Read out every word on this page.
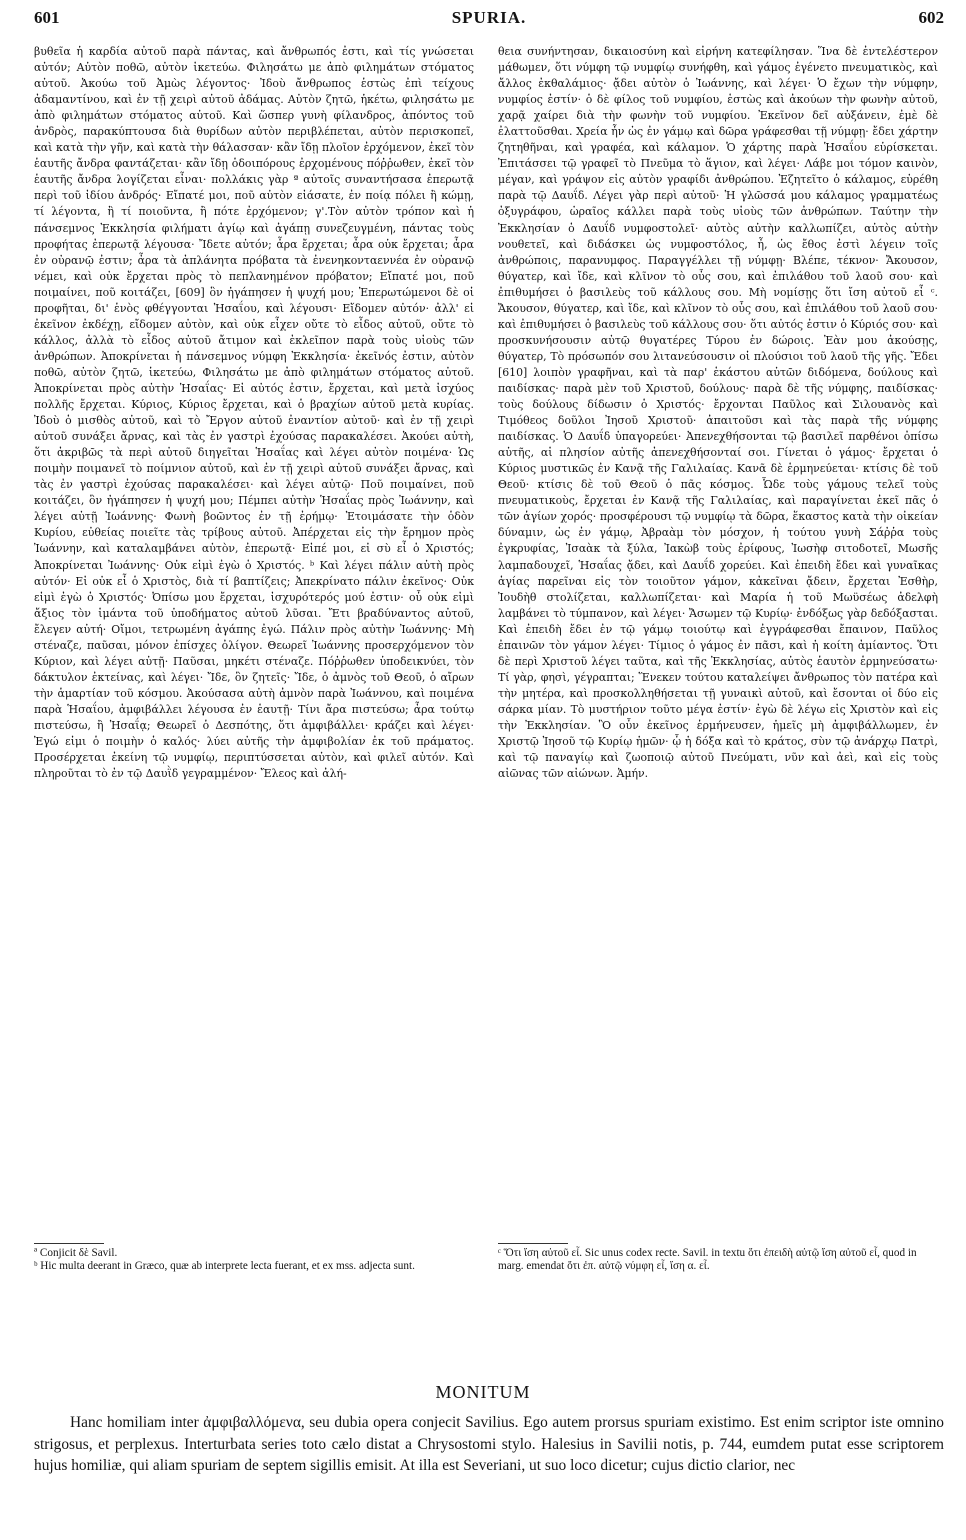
601	SPURIA.	602

βυθεῖα ἡ καρδία αὐτοῦ παρὰ πάντας, καὶ ἄνθρωπός ἐστι, καὶ τίς γνώσεται αὐτόν; Αὐτὸν ποθῶ, αὐτὸν ἱκετεύω. Φιλησάτω με ἀπὸ φιλημάτων στόματος αὐτοῦ. Ἀκούω τοῦ Ἀμὼς λέγοντος· Ἰδοὺ ἄνθρωπος ἑστὼς ἐπὶ τείχους ἀδαμαντίνου, καὶ ἐν τῇ χειρὶ αὐτοῦ ἀδάμας. Αὐτὸν ζητῶ, ἡκέτω, φιλησάτω με ἀπὸ φιλημάτων στόματος αὐτοῦ. Καὶ ὥσπερ γυνὴ φίλανδρος, ἀπόντος τοῦ ἀνδρὸς, παρακύπτουσα διὰ θυρίδων αὐτὸν περιβλέπεται, αὐτὸν περισκοπεῖ, καὶ κατὰ τὴν γῆν, καὶ κατὰ τὴν θάλασσαν· κἂν ἴδῃ πλοῖον ἐρχόμενον, ἐκεῖ τὸν ἑαυτῆς ἄνδρα φαντάζεται· κἂν ἴδῃ ὁδοιπόρους ἐρχομένους πόῤῥωθεν, ἐκεῖ τὸν ἑαυτῆς ἄνδρα λογίζεται εἶναι· πολλάκις γὰρ ª αὐτοῖς συναντήσασα ἐπερωτᾷ περὶ τοῦ ἰδίου ἀνδρός· Εἴπατέ μοι, ποῦ αὐτὸν εἰάσατε, ἐν ποίᾳ πόλει ἢ κώμῃ, τί λέγοντα, ἢ τί ποιοῦντα, ἢ πότε ἐρχόμενον; γ'.Τὸν αὐτὸν τρόπον καὶ ἡ πάνσεμνος Ἐκκλησία φιλήματι ἁγίῳ καὶ ἀγάπῃ συνεζευγμένη, πάντας τοὺς προφήτας ἐπερωτᾷ λέγουσα· Ἴδετε αὐτόν; ἆρα ἔρχεται; ἆρα οὐκ ἔρχεται; ἆρα ἐν οὐρανῷ ἐστιν; ἆρα τὰ ἀπλάνητα πρόβατα τὰ ἐνενηκονταεννέα ἐν οὐρανῷ νέμει, καὶ οὐκ ἔρχεται πρὸς τὸ πεπλανημένον πρόβατον; Εἴπατέ μοι, ποῦ ποιμαίνει, ποῦ κοιτάζει, [609] ὃν ἠγάπησεν ἡ ψυχή μου; Ἐπερωτώμενοι δὲ οἱ προφῆται, δι' ἑνὸς φθέγγονται Ἡσαΐου, καὶ λέγουσι· Εἴδομεν αὐτόν· ἀλλ' εἰ ἐκεῖνον ἐκδέχῃ, εἴδομεν αὐτὸν, καὶ οὐκ εἶχεν οὔτε τὸ εἶδος αὐτοῦ, οὔτε τὸ κάλλος, ἀλλὰ τὸ εἶδος αὐτοῦ ἄτιμον καὶ ἐκλεῖπον παρὰ τοὺς υἱοὺς τῶν ἀνθρώπων. Ἀποκρίνεται ἡ πάνσεμνος νύμφη Ἐκκλησία· ἐκεῖνός ἐστιν, αὐτὸν ποθῶ, αὐτὸν ζητῶ, ἱκετεύω, Φιλησάτω με ἀπὸ φιλημάτων στόματος αὐτοῦ. Ἀποκρίνεται πρὸς αὐτὴν Ἡσαΐας· Εἰ αὐτός ἐστιν, ἔρχεται, καὶ μετὰ ἰσχύος πολλῆς ἔρχεται. Κύριος, Κύριος ἔρχεται, καὶ ὁ βραχίων αὐτοῦ μετὰ κυρίας. Ἰδοὺ ὁ μισθὸς αὐτοῦ, καὶ τὸ Ἔργον αὐτοῦ ἐναντίον αὐτοῦ· καὶ ἐν τῇ χειρὶ αὐτοῦ συνάξει ἄρνας, καὶ τὰς ἐν γαστρὶ ἐχούσας παρακαλέσει. Ἀκούει αὐτὴ, ὅτι ἀκριβῶς τὰ περὶ αὐτοῦ διηγεῖται Ἡσαΐας καὶ λέγει αὐτὸν ποιμένα· Ὡς ποιμὴν ποιμανεῖ τὸ ποίμνιον αὐτοῦ, καὶ ἐν τῇ χειρὶ αὐτοῦ συνάξει ἄρνας, καὶ τὰς ἐν γαστρὶ ἐχούσας παρακαλέσει· καὶ λέγει αὐτῷ· Ποῦ ποιμαίνει, ποῦ κοιτάζει, ὃν ἠγάπησεν ἡ ψυχή μου; Πέμπει αὐτὴν Ἡσαΐας πρὸς Ἰωάννην, καὶ λέγει αὐτῇ Ἰωάννης· Φωνὴ βοῶντος ἐν τῇ ἐρήμῳ· Ἑτοιμάσατε τὴν ὁδὸν Κυρίου, εὐθείας ποιεῖτε τὰς τρίβους αὐτοῦ. Ἀπέρχεται εἰς τὴν ἔρημον πρὸς Ἰωάννην, καὶ καταλαμβάνει αὐτὸν, ἐπερωτᾷ· Εἰπέ μοι, εἰ σὺ εἶ ὁ Χριστός; Ἀποκρίνεται Ἰωάννης· Οὐκ εἰμὶ ἐγὼ ὁ Χριστός. ᵇ Καὶ λέγει πάλιν αὐτὴ πρὸς αὐτόν· Εἰ οὐκ εἶ ὁ Χριστὸς, διὰ τί βαπτίζεις; Ἀπεκρίνατο πάλιν ἐκεῖνος· Οὐκ εἰμὶ ἐγὼ ὁ Χριστός· Ὀπίσω μου ἔρχεται, ἰσχυρότερός μού ἐστιν· οὗ οὐκ εἰμὶ ἄξιος τὸν ἱμάντα τοῦ ὑποδήματος αὐτοῦ λῦσαι. Ἔτι βραδύναντος αὐτοῦ, ἔλεγεν αὐτή· Οἴμοι, τετρωμένη ἀγάπης ἐγώ. Πάλιν πρὸς αὐτὴν Ἰωάννης· Μὴ στέναζε, παῦσαι, μόνον ἐπίσχες ὀλίγον. Θεωρεῖ Ἰωάννης προσερχόμενον τὸν Κύριον, καὶ λέγει αὐτῇ· Παῦσαι, μηκέτι στέναζε. Πόῤῥωθεν ὑποδεικνύει, τὸν δάκτυλον ἐκτείνας, καὶ λέγει· Ἴδε, ὃν ζητεῖς· Ἴδε, ὁ ἀμνὸς τοῦ Θεοῦ, ὁ αἴρων τὴν ἁμαρτίαν τοῦ κόσμου. Ἀκούσασα αὐτὴ ἀμνὸν παρὰ Ἰωάννου, καὶ ποιμένα παρὰ Ἡσαΐου, ἀμφιβάλλει λέγουσα ἐν ἑαυτῇ· Τίνι ἄρα πιστεύσω; ἆρα τούτῳ πιστεύσω, ἢ Ἡσαΐᾳ; Θεωρεῖ ὁ Δεσπότης, ὅτι ἀμφιβάλλει· κράζει καὶ λέγει· Ἐγώ εἰμι ὁ ποιμὴν ὁ καλός· λύει αὐτῆς τὴν ἀμφιβολίαν ἐκ τοῦ πράματος. Προσέρχεται ἐκείνη τῷ νυμφίῳ, περιπτύσσεται αὐτὸν, καὶ φιλεῖ αὐτόν. Καὶ πληροῦται τὸ ἐν τῷ Δαυῒδ γεγραμμένον· Ἔλεος καὶ ἀλή-

θεια συνήντησαν, δικαιοσύνη καὶ εἰρήνη κατεφίλησαν. Ἵνα δὲ ἐντελέστερον μάθωμεν, ὅτι νύμφη τῷ νυμφίῳ συνήφθη, καὶ γάμος ἐγένετο πνευματικὸς, καὶ ἄλλος ἐκθαλάμιος· ᾄδει αὐτὸν ὁ Ἰωάννης, καὶ λέγει· Ὁ ἔχων τὴν νύμφην, νυμφίος ἐστίν· ὁ δὲ φίλος τοῦ νυμφίου, ἑστὼς καὶ ἀκούων τὴν φωνὴν αὐτοῦ, χαρᾷ χαίρει διὰ τὴν φωνὴν τοῦ νυμφίου. Ἐκεῖνον δεῖ αὐξάνειν, ἐμὲ δὲ ἐλαττοῦσθαι. Χρεία ἦν ὡς ἐν γάμῳ καὶ δῶρα γράφεσθαι τῇ νύμφῃ· ἔδει χάρτην ζητηθῆναι, καὶ γραφέα, καὶ κάλαμον. Ὁ χάρτης παρὰ Ἡσαΐου εὑρίσκεται. Ἐπιτάσσει τῷ γραφεῖ τὸ Πνεῦμα τὸ ἅγιον, καὶ λέγει· Λάβε μοι τόμον καινὸν, μέγαν, καὶ γράψον εἰς αὐτὸν γραφίδι ἀνθρώπου. Ἐζητεῖτο ὁ κάλαμος, εὑρέθη παρὰ τῷ Δαυΐδ. Λέγει γὰρ περὶ αὐτοῦ· Ἡ γλῶσσά μου κάλαμος γραμματέως ὀξυγράφου, ὡραῖος κάλλει παρὰ τοὺς υἱοὺς τῶν ἀνθρώπων. Ταύτην τὴν Ἐκκλησίαν ὁ Δαυΐδ νυμφοστολεῖ· αὐτὸς αὐτὴν καλλωπίζει, αὐτὸς αὐτὴν νουθετεῖ, καὶ διδάσκει ὡς νυμφοστόλος, ἦ, ὡς ἔθος ἐστὶ λέγειν τοῖς ἀνθρώποις, παρανυμφος. Παραγγέλλει τῇ νύμφῃ· Βλέπε, τέκνον· Ἄκουσον, θύγατερ, καὶ ἴδε, καὶ κλῖνον τὸ οὖς σου, καὶ ἐπιλάθου τοῦ λαοῦ σου· καὶ ἐπιθυμήσει ὁ βασιλεὺς τοῦ κάλλους σου. Μὴ νομίσῃς ὅτι ἴση αὐτοῦ εἶ ᶜ. Ἄκουσον, θύγατερ, καὶ ἴδε, καὶ κλῖνον τὸ οὖς σου, καὶ ἐπιλάθου τοῦ λαοῦ σου· καὶ ἐπιθυμήσει ὁ βασιλεὺς τοῦ κάλλους σου· ὅτι αὐτός ἐστιν ὁ Κύριός σου· καὶ προσκυνήσουσιν αὐτῷ θυγατέρες Τύρου ἐν δώροις. Ἐὰν μου ἀκούσῃς, θύγατερ, Τὸ πρόσωπόν σου λιτανεύσουσιν οἱ πλούσιοι τοῦ λαοῦ τῆς γῆς. Ἔδει [610] λοιπὸν γραφῆναι, καὶ τὰ παρ' ἑκάστου αὐτῶν διδόμενα, δούλους καὶ παιδίσκας· παρὰ μὲν τοῦ Χριστοῦ, δούλους· παρὰ δὲ τῆς νύμφης, παιδίσκας· τοὺς δούλους δίδωσιν ὁ Χριστός· ἔρχονται Παῦλος καὶ Σιλουανὸς καὶ Τιμόθεος δοῦλοι Ἰησοῦ Χριστοῦ· ἀπαιτοῦσι καὶ τὰς παρὰ τῆς νύμφης παιδίσκας. Ὁ Δαυΐδ ὑπαγορεύει· Ἀπενεχθήσονται τῷ βασιλεῖ παρθένοι ὀπίσω αὐτῆς, αἱ πλησίον αὐτῆς ἀπενεχθήσονταί σοι. Γίνεται ὁ γάμος· ἔρχεται ὁ Κύριος μυστικῶς ἐν Κανᾷ τῆς Γαλιλαίας. Κανᾶ δὲ ἑρμηνεύεται· κτίσις δὲ τοῦ Θεοῦ· κτίσις δὲ τοῦ Θεοῦ ὁ πᾶς κόσμος. Ὧδε τοὺς γάμους τελεῖ τοὺς πνευματικοὺς, ἔρχεται ἐν Κανᾷ τῆς Γαλιλαίας, καὶ παραγίνεται ἐκεῖ πᾶς ὁ τῶν ἁγίων χορός· προσφέρουσι τῷ νυμφίῳ τὰ δῶρα, ἕκαστος κατὰ τὴν οἰκείαν δύναμιν, ὡς ἐν γάμῳ, Ἀβραὰμ τὸν μόσχον, ἡ τούτου γυνὴ Σάῤῥα τοὺς ἐγκρυφίας, Ἰσαὰκ τὰ ξύλα, Ἰακὼβ τοὺς ἐρίφους, Ἰωσὴφ σιτοδοτεῖ, Μωσῆς λαμπαδουχεῖ, Ἡσαΐας ᾄδει, καὶ Δαυΐδ χορεύει. Καὶ ἐπειδὴ ἔδει καὶ γυναῖκας ἁγίας παρεῖναι εἰς τὸν τοιοῦτον γάμον, κἀκεῖναι ᾄδειν, ἔρχεται Ἐσθὴρ, Ἰουδὴθ στολίζεται, καλλωπίζεται· καὶ Μαρία ἡ τοῦ Μωϋσέως ἀδελφὴ λαμβάνει τὸ τύμπανον, καὶ λέγει· Ἄσωμεν τῷ Κυρίῳ· ἐνδόξως γὰρ δεδόξασται. Καὶ ἐπειδὴ ἔδει ἐν τῷ γάμῳ τοιούτῳ καὶ ἐγγράφεσθαι ἔπαινον, Παῦλος ἐπαινῶν τὸν γάμον λέγει· Τίμιος ὁ γάμος ἐν πᾶσι, καὶ ἡ κοίτη ἀμίαντος. Ὅτι δὲ περὶ Χριστοῦ λέγει ταῦτα, καὶ τῆς Ἐκκλησίας, αὐτὸς ἑαυτὸν ἑρμηνεύσατω· Τί γὰρ, φησὶ, γέγραπται; Ἕνεκεν τούτου καταλείψει ἄνθρωπος τὸν πατέρα καὶ τὴν μητέρα, καὶ προσκολληθήσεται τῇ γυναικὶ αὐτοῦ, καὶ ἔσονται οἱ δύο εἰς σάρκα μίαν. Τὸ μυστήριον τοῦτο μέγα ἐστίν· ἐγὼ δὲ λέγω εἰς Χριστὸν καὶ εἰς τὴν Ἐκκλησίαν. Ὃ οὖν ἐκεῖνος ἑρμήνευσεν, ἡμεῖς μὴ ἀμφιβάλλωμεν, ἐν Χριστῷ Ἰησοῦ τῷ Κυρίῳ ἡμῶν· ᾧ ἡ δόξα καὶ τὸ κράτος, σὺν τῷ ἀνάρχῳ Πατρὶ, καὶ τῷ παναγίῳ καὶ ζωοποιῷ αὐτοῦ Πνεύματι, νῦν καὶ ἀεὶ, καὶ εἰς τοὺς αἰῶνας τῶν αἰώνων. Ἀμήν.

ª Conjicit δὲ Savil.

ᵇ Hic multa deerant in Græco, quæ ab interprete lecta fuerant, et ex mss. adjecta sunt.

ᶜ Ὅτι ἴση αὐτοῦ εἶ. Sic unus codex recte. Savil. in textu ὅτι ἐπειδὴ αὐτῷ ἴση αὐτοῦ εἶ, quod in marg. emendat ὅτι ἐπ. αὐτῷ νύμφη εἶ, ἴση α. εἶ.

MONITUM

Hanc homiliam inter ἀμφιβαλλόμενα, seu dubia opera conjecit Savilius. Ego autem prorsus spuriam existimo. Est enim scriptor iste omnino strigosus, et perplexus. Interturbata series toto cælo distat a Chrysostomi stylo. Halesius in Savilii notis, p. 744, eumdem putat esse scriptorem hujus homiliæ, qui aliam spuriam de septem sigillis emisit. At illa est Severiani, ut suo loco dicetur; cujus dictio clarior, nec
